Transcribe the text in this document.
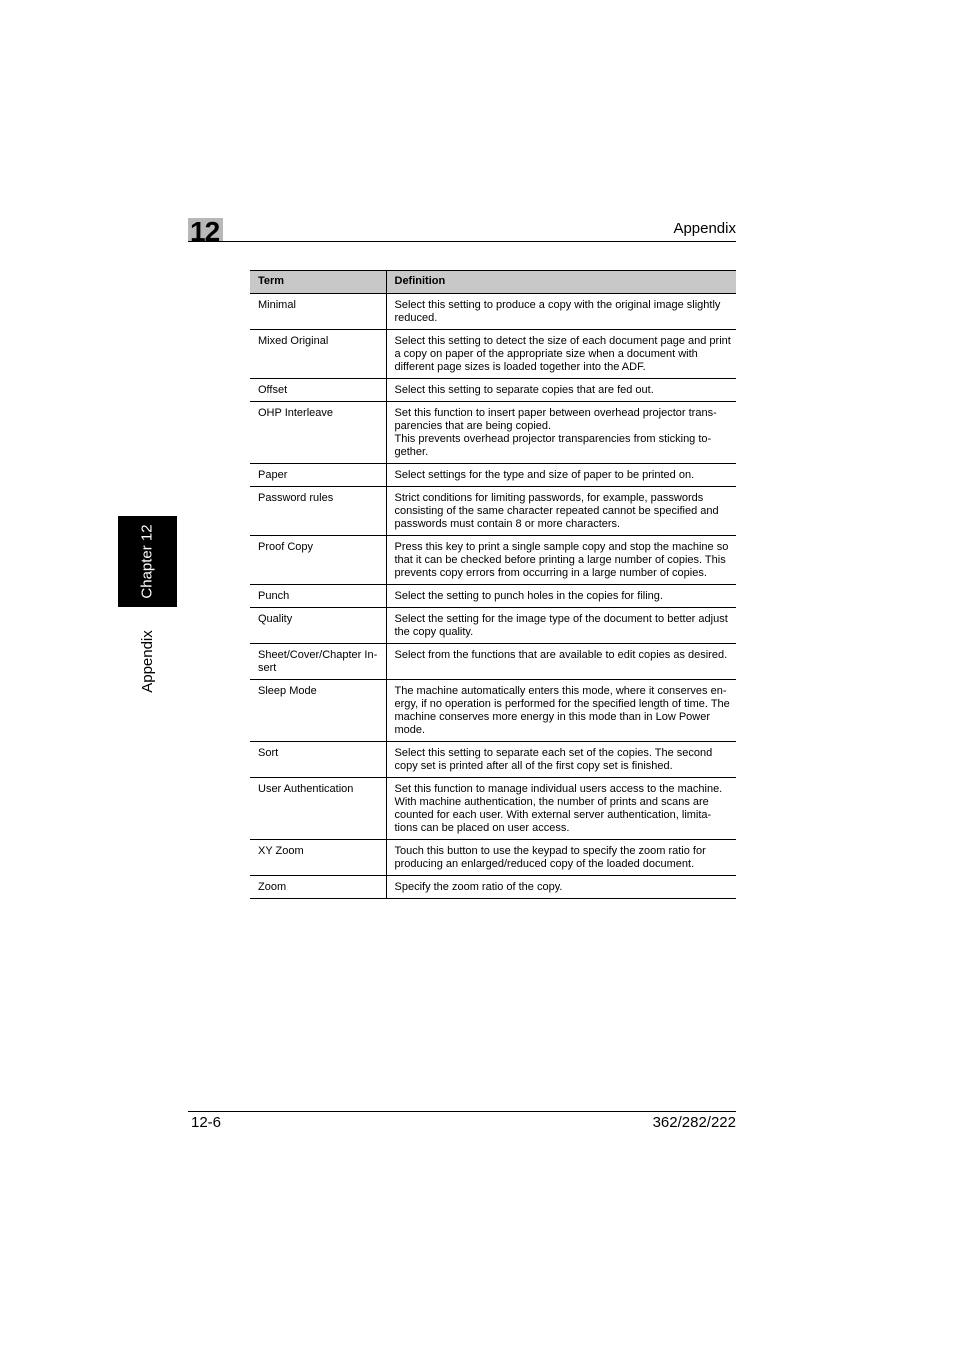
12	Appendix
Chapter 12
Appendix
Term	Definition
Minimal	Select this setting to produce a copy with the original image slightly reduced.
Mixed Original	Select this setting to detect the size of each document page and print a copy on paper of the appropriate size when a document with different page sizes is loaded together into the ADF.
Offset	Select this setting to separate copies that are fed out.
OHP Interleave	Set this function to insert paper between overhead projector trans-parencies that are being copied.
This prevents overhead projector transparencies from sticking to-gether.
Paper	Select settings for the type and size of paper to be printed on.
Password rules	Strict conditions for limiting passwords, for example, passwords consisting of the same character repeated cannot be specified and passwords must contain 8 or more characters.
Proof Copy	Press this key to print a single sample copy and stop the machine so that it can be checked before printing a large number of copies. This prevents copy errors from occurring in a large number of copies.
Punch	Select the setting to punch holes in the copies for filing.
Quality	Select the setting for the image type of the document to better adjust the copy quality.
Sheet/Cover/Chapter In-sert	Select from the functions that are available to edit copies as desired.
Sleep Mode	The machine automatically enters this mode, where it conserves en-ergy, if no operation is performed for the specified length of time. The machine conserves more energy in this mode than in Low Power mode.
Sort	Select this setting to separate each set of the copies. The second copy set is printed after all of the first copy set is finished.
User Authentication	Set this function to manage individual users access to the machine. With machine authentication, the number of prints and scans are counted for each user. With external server authentication, limita-tions can be placed on user access.
XY Zoom	Touch this button to use the keypad to specify the zoom ratio for producing an enlarged/reduced copy of the loaded document.
Zoom	Specify the zoom ratio of the copy.
12-6	362/282/222
